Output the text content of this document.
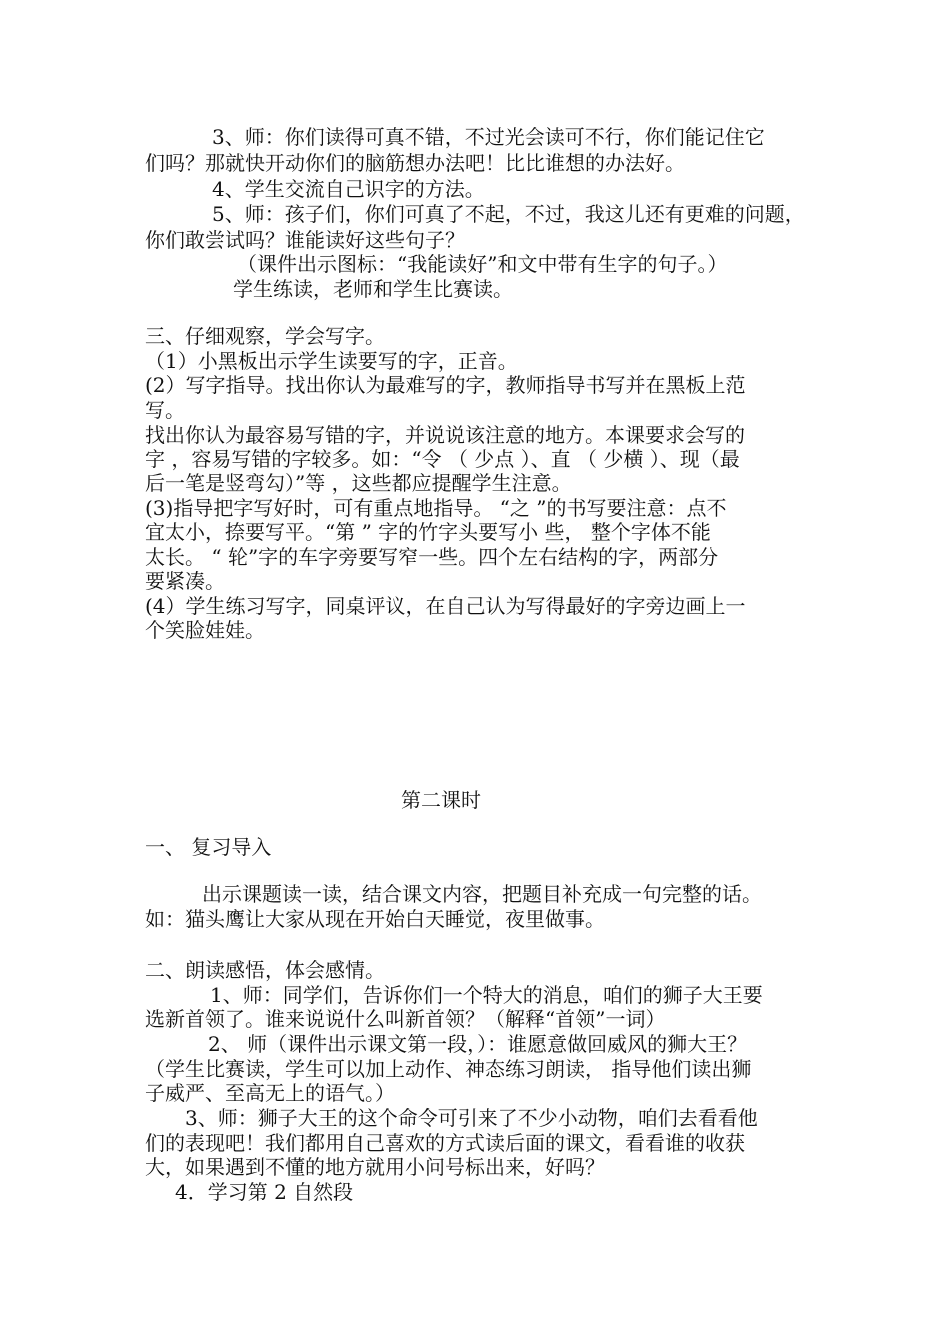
3、师：你们读得可真不错，不过光会读可不行，你们能记住它
们吗？那就快开动你们的脑筋想办法吧！比比谁想的办法好。
4、学生交流自己识字的方法。
5、师：孩子们，你们可真了不起，不过，我这儿还有更难的问题，
你们敢尝试吗？谁能读好这些句子？
（课件出示图标：“我能读好”和文中带有生字的句子。）
学生练读，老师和学生比赛读。
三、仔细观察，学会写字。
（1）小黑板出示学生读要写的字，正音。
(2）写字指导。找出你认为最难写的字，教师指导书写并在黑板上范
写。
找出你认为最容易写错的字，并说说该注意的地方。本课要求会写的
字 ，容易写错的字较多。如：“令 （ 少点 ）、直 （ 少横 ）、现（最
后一笔是竖弯勾）”等 ，这些都应提醒学生注意。
(3)指导把字写好时，可有重点地指导。 “之 ”的书写要注意：点不
宜太小，捺要写平。“第 ” 字的竹字头要写小 些， 整个字体不能
太长。 “ 轮”字的车字旁要写窄一些。四个左右结构的字，两部分
要紧凑。
(4）学生练习写字，同桌评议，在自己认为写得最好的字旁边画上一
个笑脸娃娃。
第二课时
一、 复习导入
出示课题读一读，结合课文内容，把题目补充成一句完整的话。
如：猫头鹰让大家从现在开始白天睡觉，夜里做事。
二、朗读感悟，体会感情。
1、师：同学们，告诉你们一个特大的消息，咱们的狮子大王要
选新首领了。谁来说说什么叫新首领？（解释“首领”一词）
2、 师（课件出示课文第一段，）：谁愿意做回威风的狮大王？
（学生比赛读，学生可以加上动作、神态练习朗读， 指导他们读出狮
子威严、至高无上的语气。）
3、师：狮子大王的这个命令可引来了不少小动物，咱们去看看他
们的表现吧！我们都用自己喜欢的方式读后面的课文，看看谁的收获
大，如果遇到不懂的地方就用小问号标出来，好吗？
4．学习第 2 自然段
